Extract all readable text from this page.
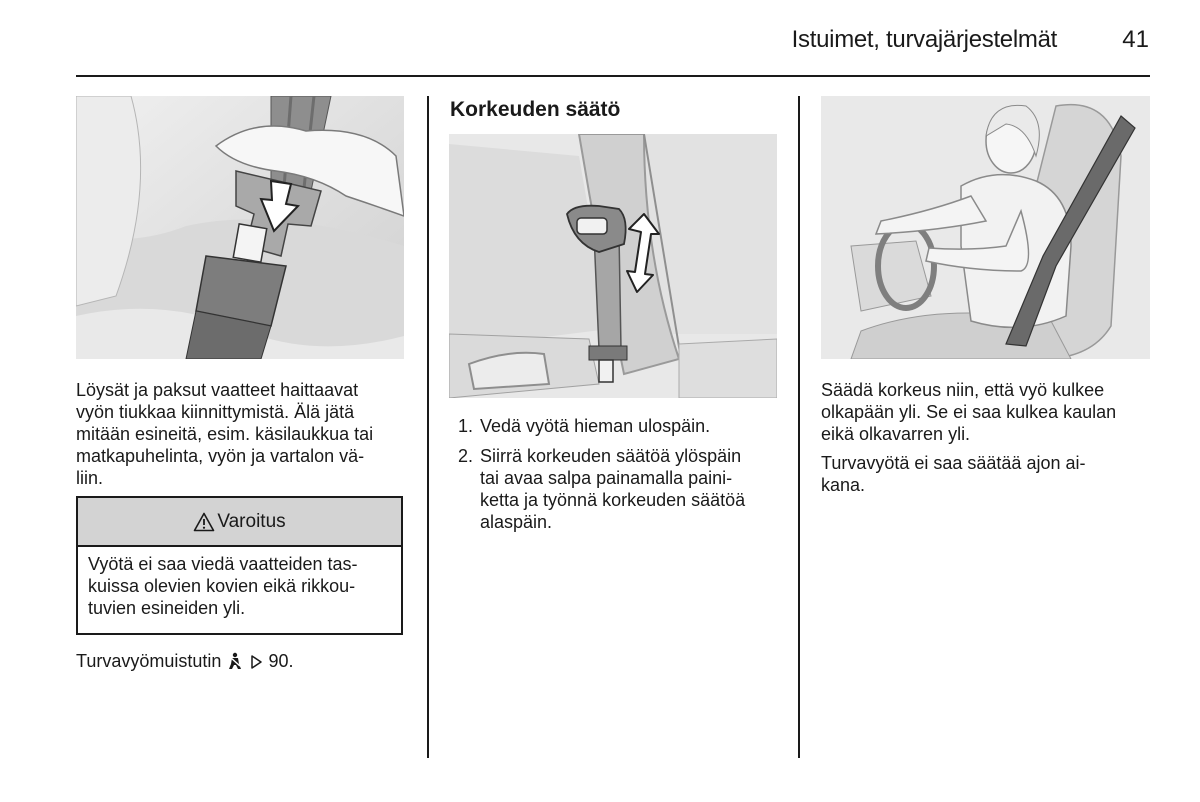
Istuimet, turvajärjestelmät	41
Löysät ja paksut vaatteet haittaavat
vyön tiukkaa kiinnittymistä. Älä jätä
mitään esineitä, esim. käsilaukkua tai
matkapuhelinta, vyön ja vartalon vä-
liin.
Varoitus
Vyötä ei saa viedä vaatteiden tas-
kuissa olevien kovien eikä rikkou-
tuvien esineiden yli.
Turvavyömuistutin	90.
Korkeuden säätö
1. Vedä vyötä hieman ulospäin.
2. Siirrä korkeuden säätöä ylöspäin
tai avaa salpa painamalla paini-
ketta ja työnnä korkeuden säätöä
alaspäin.
Säädä korkeus niin, että vyö kulkee
olkapään yli. Se ei saa kulkea kaulan
eikä olkavarren yli.
Turvavyötä ei saa säätää ajon ai-
kana.
